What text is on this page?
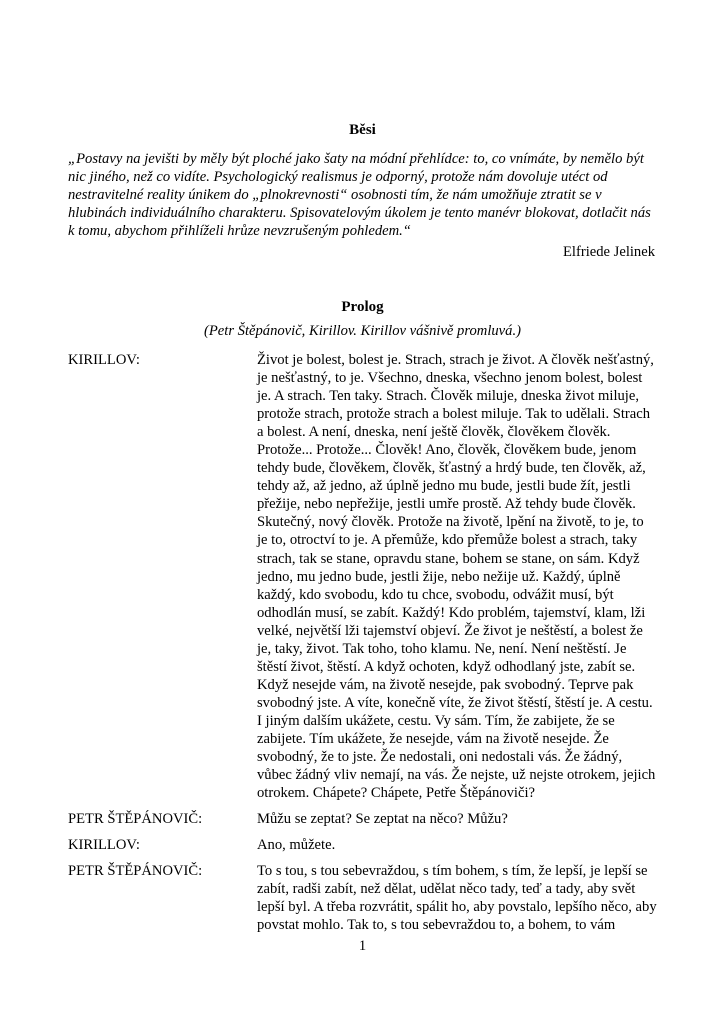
Běsi
„Postavy na jevišti by měly být ploché jako šaty na módní přehlídce: to, co vnímáte, by nemělo být nic jiného, než co vidíte. Psychologický realismus je odporný, protože nám dovoluje utéct od nestravitelné reality únikem do „plnokrevnosti“ osobnosti tím, že nám umožňuje ztratit se v hlubinách individuálního charakteru. Spisovatelovým úkolem je tento manévr blokovat, dotlačit nás k tomu, abychom přihlíželi hrůze nevzrušeným pohledem.“
Elfriede Jelinek
Prolog
(Petr Štěpánovič, Kirillov. Kirillov vášnivě promluvá.)
KIRILLOV:	Život je bolest, bolest je. Strach, strach je život. A člověk nešťastný, je nešťastný, to je. Všechno, dneska, všechno jenom bolest, bolest je. A strach. Ten taky. Strach. Člověk miluje, dneska život miluje, protože strach, protože strach a bolest miluje. Tak to udělali. Strach a bolest. A není, dneska, není ještě člověk, člověkem člověk. Protože... Protože... Člověk! Ano, člověk, člověkem bude, jenom tehdy bude, člověkem, člověk, šťastný a hrdý bude, ten člověk, až, tehdy až, až jedno, až úplně jedno mu bude, jestli bude žít, jestli přežije, nebo nepřežije, jestli umře prostě. Až tehdy bude člověk. Skutečný, nový člověk. Protože na životě, lpění na životě, to je, to je to, otroctví to je. A přemůže, kdo přemůže bolest a strach, taky strach, tak se stane, opravdu stane, bohem se stane, on sám. Když jedno, mu jedno bude, jestli žije, nebo nežije už. Každý, úplně každý, kdo svobodu, kdo tu chce, svobodu, odvážit musí, být odhodlán musí, se zabít. Každý! Kdo problém, tajemství, klam, lži velké, největší lži tajemství objeví. Že život je neštěstí, a bolest že je, taky, život. Tak toho, toho klamu. Ne, není. Není neštěstí. Je štěstí život, štěstí. A když ochoten, když odhodlaný jste, zabít se. Když nesejde vám, na životě nesejde, pak svobodný. Teprve pak svobodný jste. A víte, konečně víte, že život štěstí, štěstí je. A cestu. I jiným dalším ukážete, cestu. Vy sám. Tím, že zabijete, že se zabijete. Tím ukážete, že nesejde, vám na životě nesejde. Že svobodný, že to jste. Že nedostali, oni nedostali vás. Že žádný, vůbec žádný vliv nemají, na vás. Že nejste, už nejste otrokem, jejich otrokem. Chápete? Chápete, Petře Štěpánoviči?
PETR ŠTĚPÁNOVIČ:	Můžu se zeptat? Se zeptat na něco? Můžu?
KIRILLOV:	Ano, můžete.
PETR ŠTĚPÁNOVIČ:	To s tou, s tou sebevraždou, s tím bohem, s tím, že lepší, je lepší se zabít, radši zabít, než dělat, udělat něco tady, teď a tady, aby svět lepší byl. A třeba rozvrátit, spálit ho, aby povstalo, lepšího něco, aby povstat mohlo. Tak to, s tou sebevraždou to, a bohem, to vám
1
